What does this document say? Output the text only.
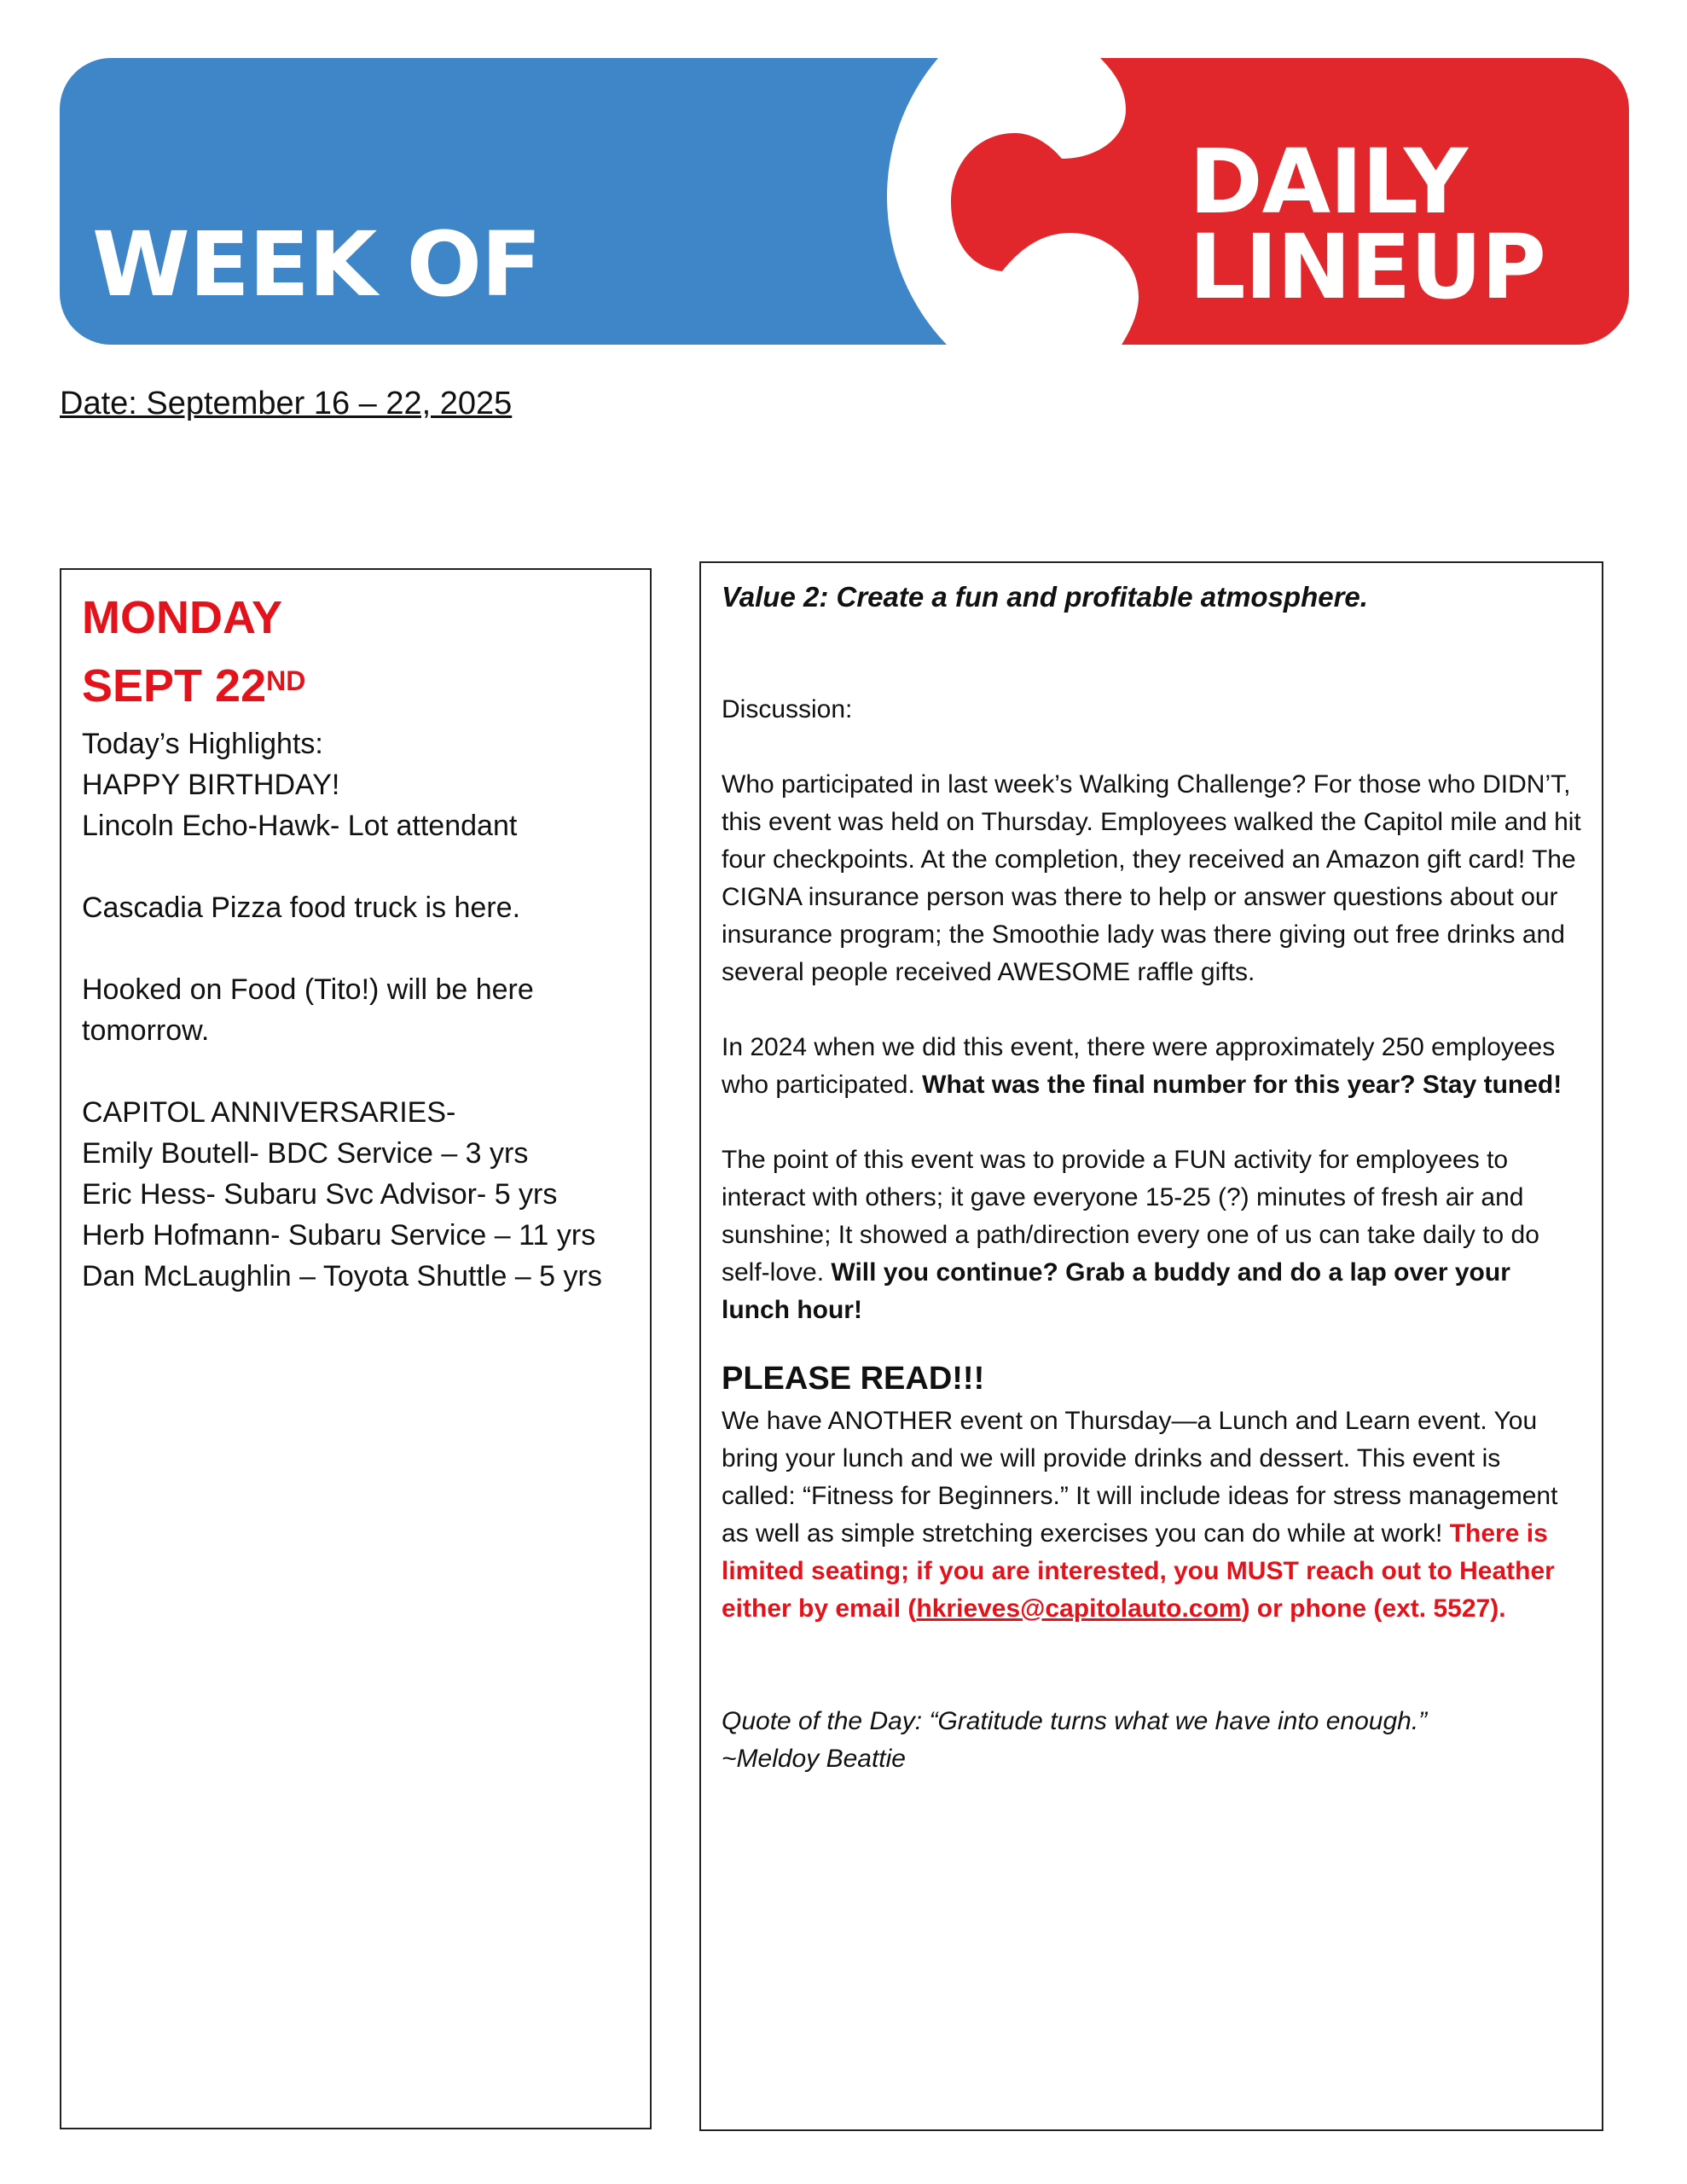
WEEK OF
DAILY
LINEUP
Date: September 16 – 22, 2025
MONDAY
SEPT 22ND
Today’s Highlights:
HAPPY BIRTHDAY!
Lincoln Echo-Hawk- Lot attendant
Cascadia Pizza food truck is here.
Hooked on Food (Tito!) will be here
tomorrow.
CAPITOL ANNIVERSARIES-
Emily Boutell- BDC Service – 3 yrs
Eric Hess- Subaru Svc Advisor- 5 yrs
Herb Hofmann- Subaru Service – 11 yrs
Dan McLaughlin – Toyota Shuttle – 5 yrs
Value 2: Create a fun and profitable atmosphere.

Discussion:

Who participated in last week’s Walking Challenge? For those who DIDN’T, this event was held on Thursday. Employees walked the Capitol mile and hit four checkpoints. At the completion, they received an Amazon gift card! The CIGNA insurance person was there to help or answer questions about our insurance program; the Smoothie lady was there giving out free drinks and several people received AWESOME raffle gifts.

In 2024 when we did this event, there were approximately 250 employees who participated. What was the final number for this year? Stay tuned!

The point of this event was to provide a FUN activity for employees to interact with others; it gave everyone 15-25 (?) minutes of fresh air and sunshine; It showed a path/direction every one of us can take daily to do self-love. Will you continue? Grab a buddy and do a lap over your lunch hour!

PLEASE READ!!!

We have ANOTHER event on Thursday—a Lunch and Learn event. You bring your lunch and we will provide drinks and dessert. This event is called: “Fitness for Beginners.” It will include ideas for stress management as well as simple stretching exercises you can do while at work! There is limited seating; if you are interested, you MUST reach out to Heather either by email (hkrieves@capitolauto.com) or phone (ext. 5527).

Quote of the Day: “Gratitude turns what we have into enough.”

~Meldoy Beattie
